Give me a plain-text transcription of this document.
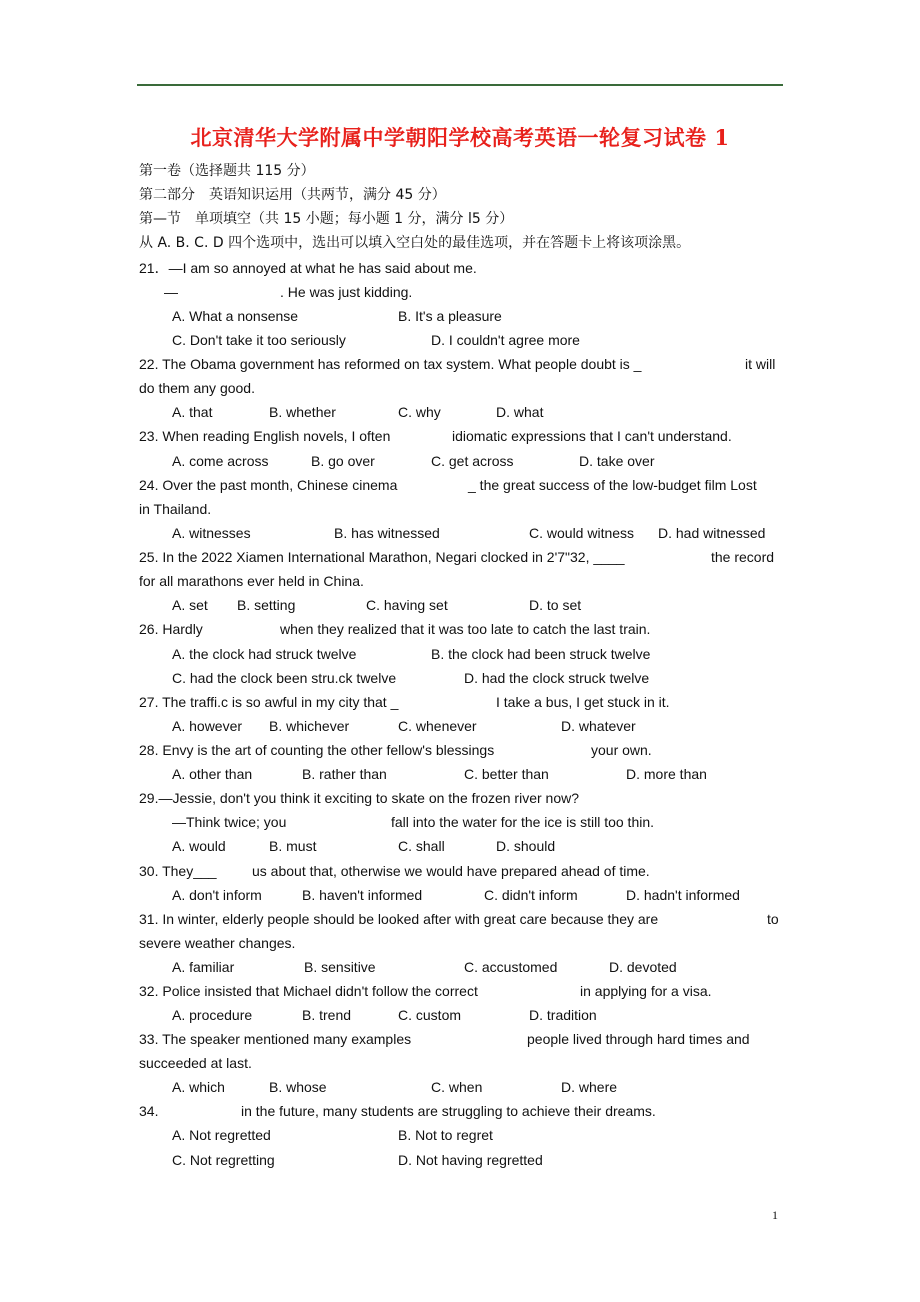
北京清华大学附属中学朝阳学校高考英语一轮复习试卷 1
第一卷（选择题共 115 分）
第二部分　英语知识运用（共两节，满分 45 分）
第—节　单项填空（共 15 小题；每小题 1 分，满分 l5 分）
从 A. B. C. D 四个选项中，选出可以填入空白处的最佳选项，并在答题卡上将该项涂黑。
21．—I am so annoyed at what he has said about me.
—	. He was just kidding.
A. What a nonsense	B. It's a pleasure
C. Don't take it too seriously	D. I couldn't agree more
22. The Obama government has reformed on tax system. What people doubt is _	it will
do them any good.
A. that	B. whether	C. why	D. what
23. When reading English novels, I often	idiomatic expressions that I can't understand.
A. come across	B. go over	C. get across	D. take over
24. Over the past month, Chinese cinema	_ the great success of the low-budget film Lost
in Thailand.
A. witnesses	B. has witnessed	C. would witness D. had witnessed
25. In the 2022 Xiamen International Marathon, Negari clocked in 2'7"32, ____	the record
for all marathons ever held in China.
A. set B. setting	C. having set	D. to set
26. Hardly	when they realized that it was too late to catch the last train.
A. the clock had struck twelve	B. the clock had been struck twelve
C. had the clock been stru.ck twelve	D. had the clock struck twelve
27. The traffi.c is so awful in my city that _	I take a bus, I get stuck in it.
A. however B. whichever	C. whenever	D. whatever
28. Envy is the art of counting the other fellow's blessings	your own.
A. other than	B. rather than	C. better than	D. more than
29.—Jessie, don't you think it exciting to skate on the frozen river now?
—Think twice; you	fall into the water for the ice is still too thin.
A. would	B. must	C. shall	D. should
30. They___	us about that, otherwise we would have prepared ahead of time.
A. don't inform	B. haven't informed	C. didn't inform	D. hadn't informed
31. In winter, elderly people should be looked after with great care because they are	to
severe weather changes.
A. familiar	B. sensitive	C. accustomed	D. devoted
32. Police insisted that Michael didn't follow the correct	in applying for a visa.
A. procedure	B. trend	C. custom	D. tradition
33. The speaker mentioned many examples	people lived through hard times and
succeeded at last.
A. which	B. whose	C. when	D. where
34.	in the future, many students are struggling to achieve their dreams.
A. Not regretted	B. Not to regret
C. Not regretting	D. Not having regretted
1
